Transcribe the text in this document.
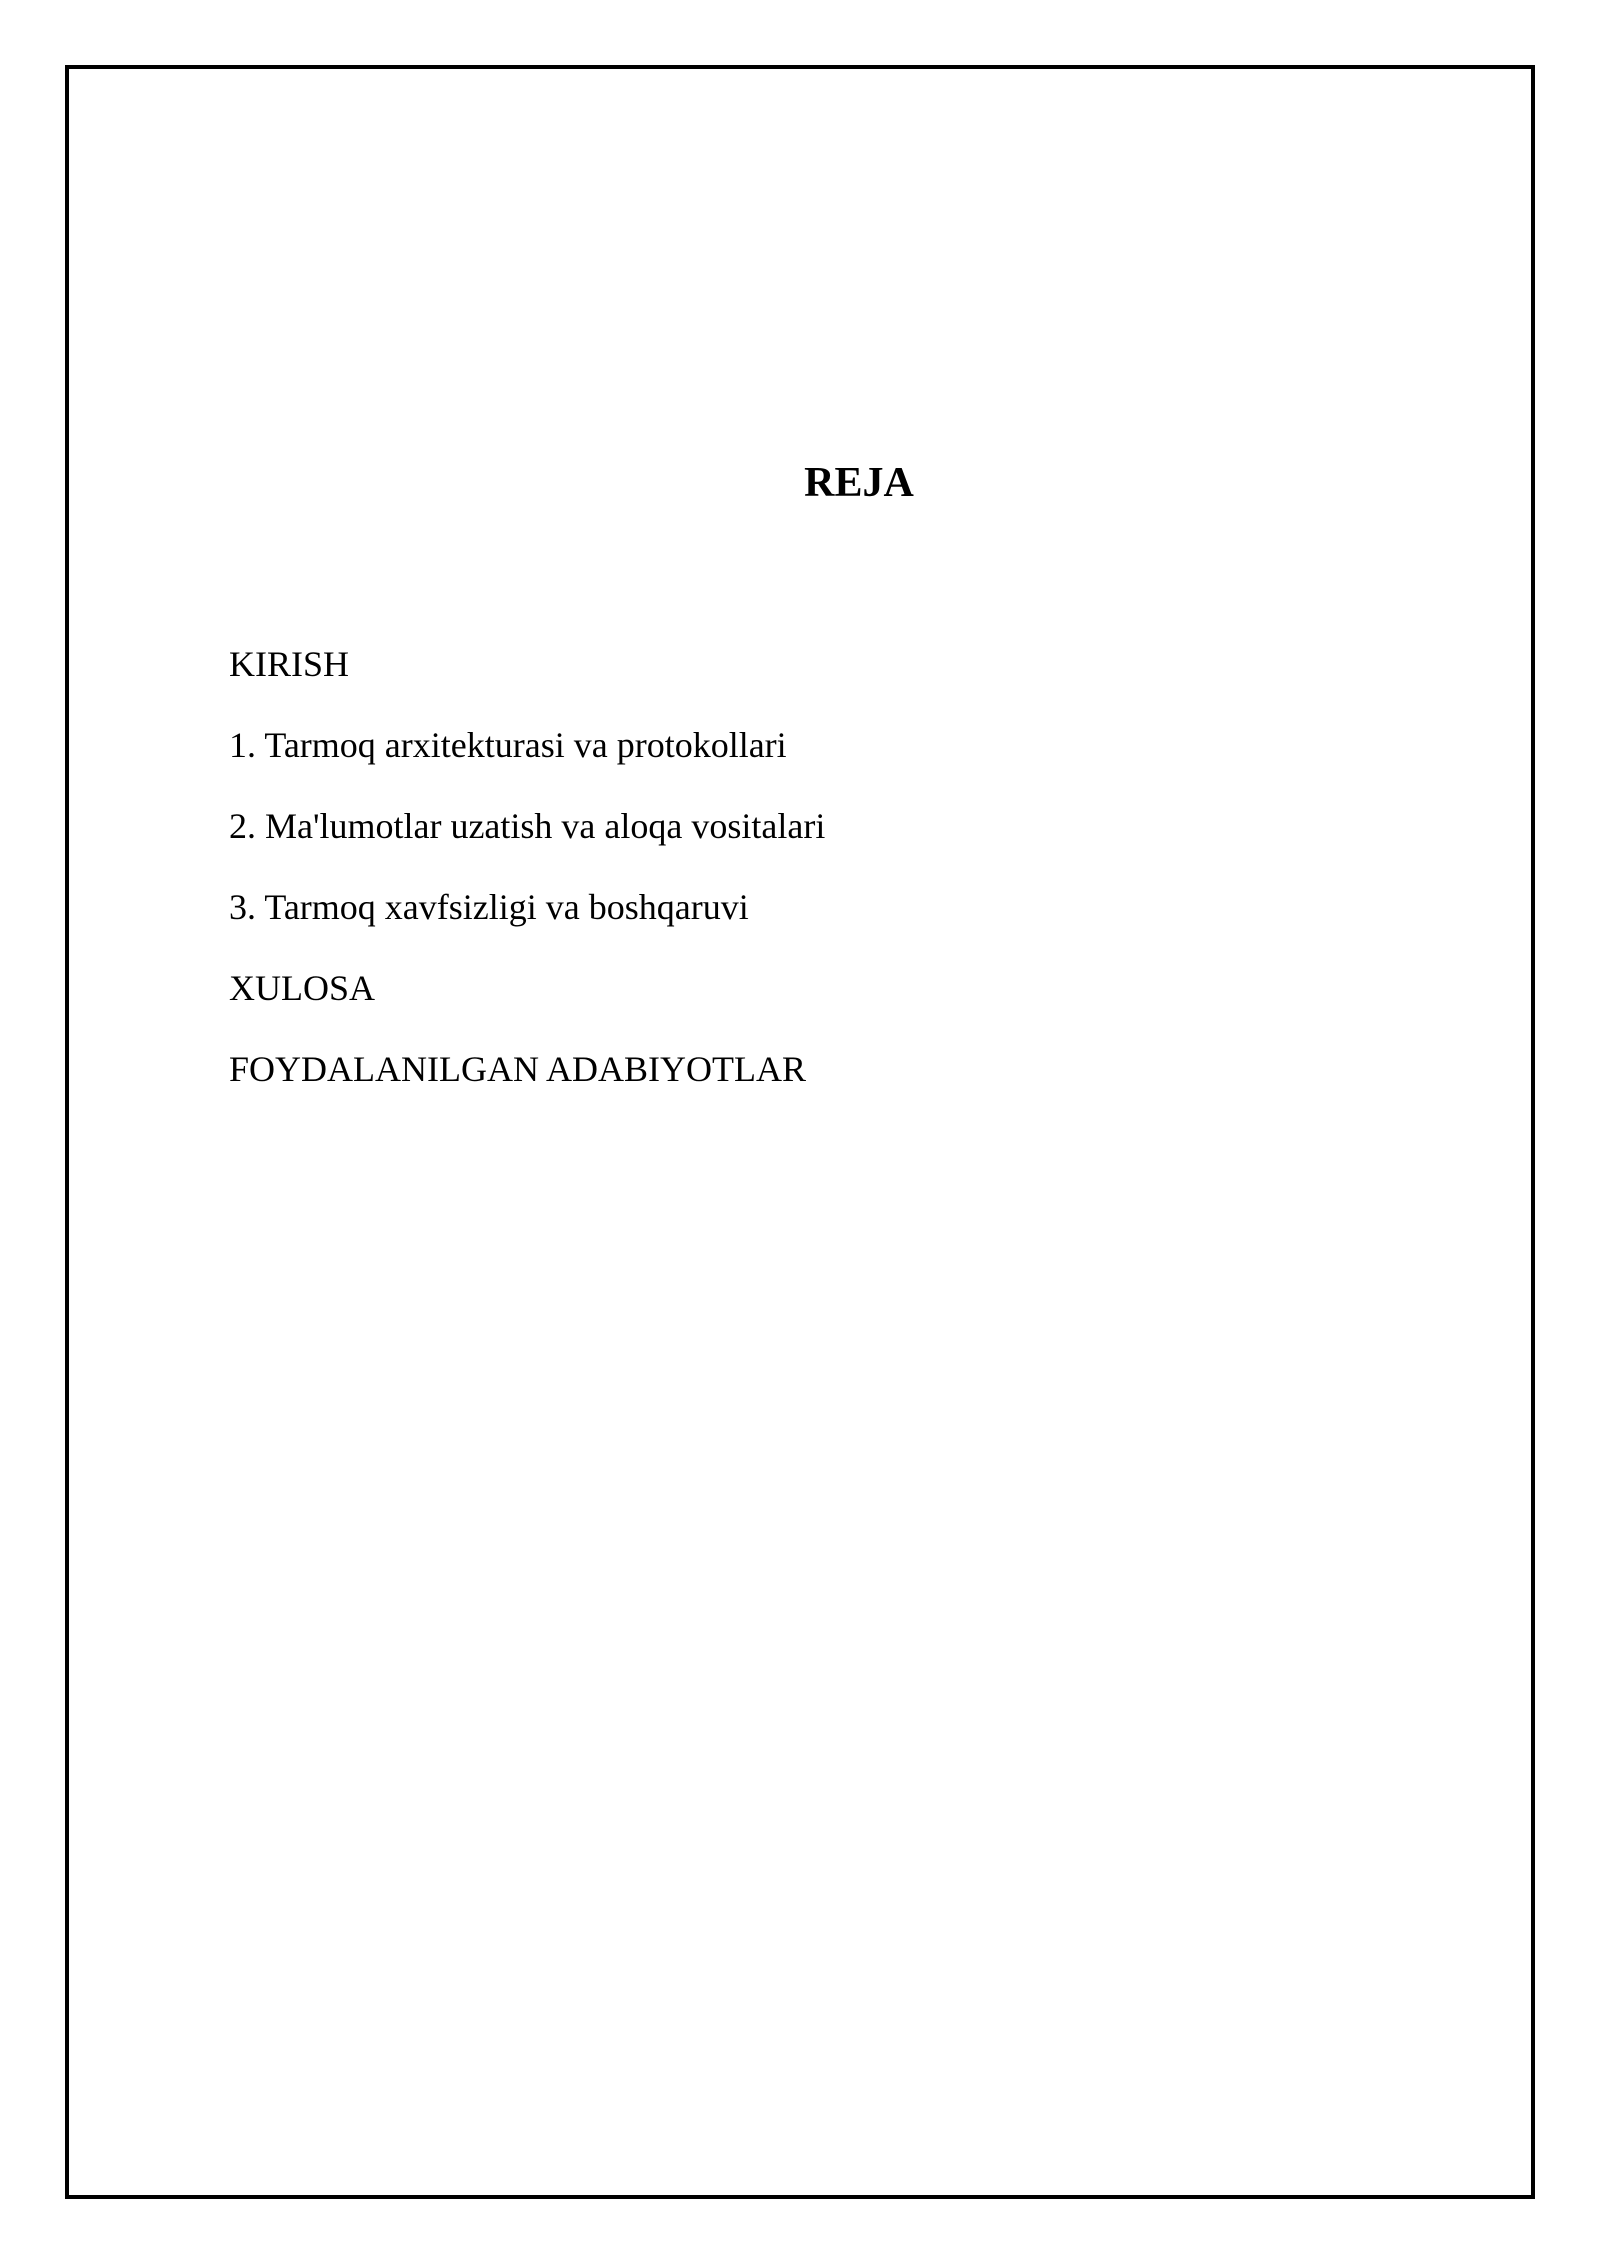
REJA
KIRISH
1. Tarmoq arxitekturasi va protokollari
2. Ma'lumotlar uzatish va aloqa vositalari
3. Tarmoq xavfsizligi va boshqaruvi
XULOSA
FOYDALANILGAN ADABIYOTLAR
